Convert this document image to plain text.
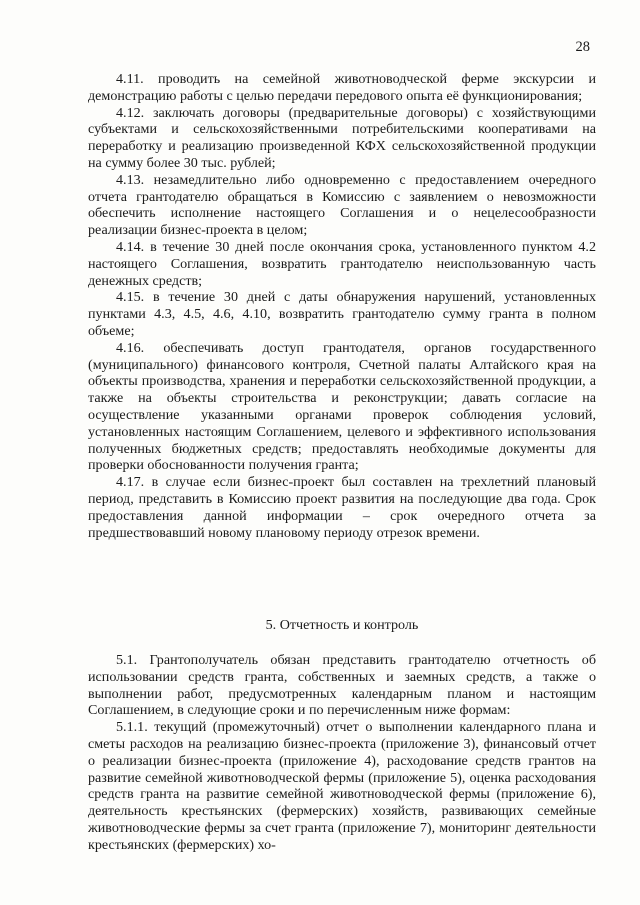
28

4.11. проводить на семейной животноводческой ферме экскурсии и демонстрацию работы с целью передачи передового опыта её функционирования;

4.12. заключать договоры (предварительные договоры) с хозяйствующими субъектами и сельскохозяйственными потребительскими кооперативами на переработку и реализацию произведенной КФХ сельскохозяйственной продукции на сумму более 30 тыс. рублей;

4.13. незамедлительно либо одновременно с предоставлением очередного отчета грантодателю обращаться в Комиссию с заявлением о невозможности обеспечить исполнение настоящего Соглашения и о нецелесообразности реализации бизнес-проекта в целом;

4.14. в течение 30 дней после окончания срока, установленного пунктом 4.2 настоящего Соглашения, возвратить грантодателю неиспользованную часть денежных средств;

4.15. в течение 30 дней с даты обнаружения нарушений, установленных пунктами 4.3, 4.5, 4.6, 4.10, возвратить грантодателю сумму гранта в полном объеме;

4.16. обеспечивать доступ грантодателя, органов государственного (муниципального) финансового контроля, Счетной палаты Алтайского края на объекты производства, хранения и переработки сельскохозяйственной продукции, а также на объекты строительства и реконструкции; давать согласие на осуществление указанными органами проверок соблюдения условий, установленных настоящим Соглашением, целевого и эффективного использования полученных бюджетных средств; предоставлять необходимые документы для проверки обоснованности получения гранта;

4.17. в случае если бизнес-проект был составлен на трехлетний плановый период, представить в Комиссию проект развития на последующие два года. Срок предоставления данной информации – срок очередного отчета за предшествовавший новому плановому периоду отрезок времени.

5. Отчетность и контроль

5.1. Грантополучатель обязан представить грантодателю отчетность об использовании средств гранта, собственных и заемных средств, а также о выполнении работ, предусмотренных календарным планом и настоящим Соглашением, в следующие сроки и по перечисленным ниже формам:

5.1.1. текущий (промежуточный) отчет о выполнении календарного плана и сметы расходов на реализацию бизнес-проекта (приложение 3), финансовый отчет о реализации бизнес-проекта (приложение 4), расходование средств грантов на развитие семейной животноводческой фермы (приложение 5), оценка расходования средств гранта на развитие семейной животноводческой фермы (приложение 6), деятельность крестьянских (фермерских) хозяйств, развивающих семейные животноводческие фермы за счет гранта (приложение 7), мониторинг деятельности крестьянских (фермерских) хо-
